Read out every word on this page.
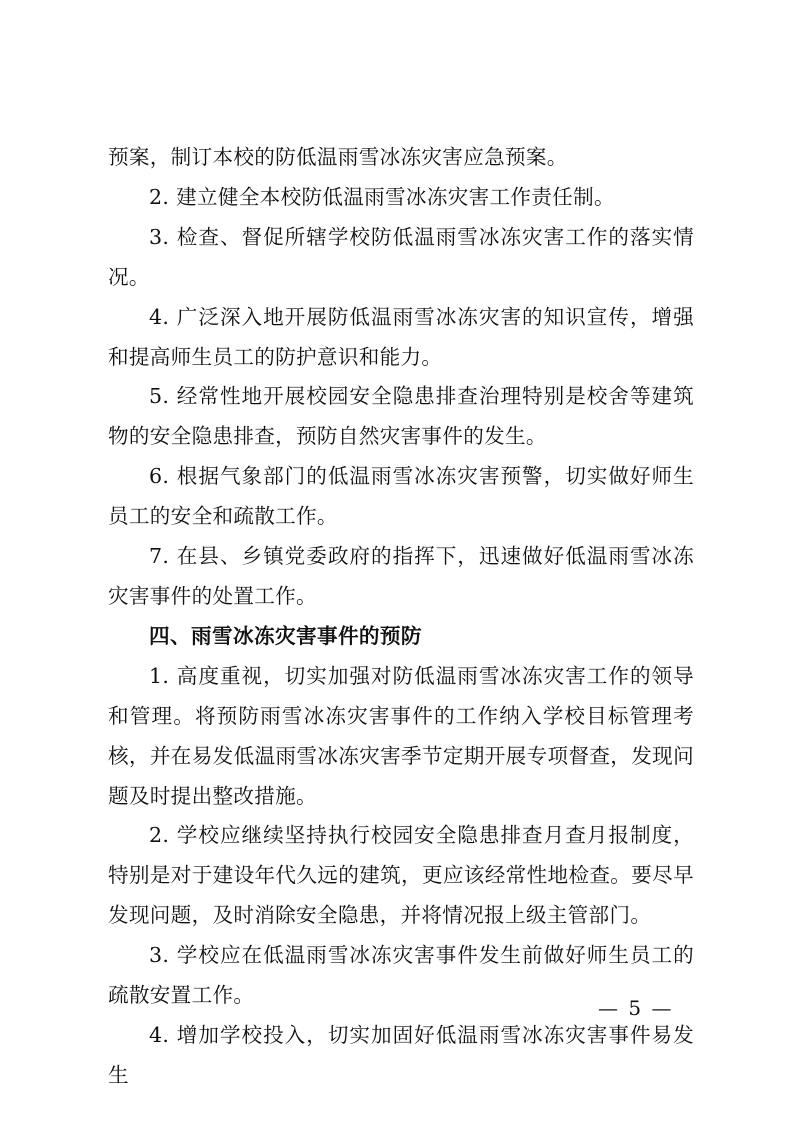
预案，制订本校的防低温雨雪冰冻灾害应急预案。

2. 建立健全本校防低温雨雪冰冻灾害工作责任制。

3. 检查、督促所辖学校防低温雨雪冰冻灾害工作的落实情况。

4. 广泛深入地开展防低温雨雪冰冻灾害的知识宣传，增强和提高师生员工的防护意识和能力。

5. 经常性地开展校园安全隐患排查治理特别是校舍等建筑物的安全隐患排查，预防自然灾害事件的发生。

6. 根据气象部门的低温雨雪冰冻灾害预警，切实做好师生员工的安全和疏散工作。

7. 在县、乡镇党委政府的指挥下，迅速做好低温雨雪冰冻灾害事件的处置工作。

四、雨雪冰冻灾害事件的预防

1. 高度重视，切实加强对防低温雨雪冰冻灾害工作的领导和管理。将预防雨雪冰冻灾害事件的工作纳入学校目标管理考核，并在易发低温雨雪冰冻灾害季节定期开展专项督查，发现问题及时提出整改措施。

2. 学校应继续坚持执行校园安全隐患排查月查月报制度，特别是对于建设年代久远的建筑，更应该经常性地检查。要尽早发现问题，及时消除安全隐患，并将情况报上级主管部门。

3. 学校应在低温雨雪冰冻灾害事件发生前做好师生员工的疏散安置工作。

4. 增加学校投入，切实加固好低温雨雪冰冻灾害事件易发生

— 5 —
